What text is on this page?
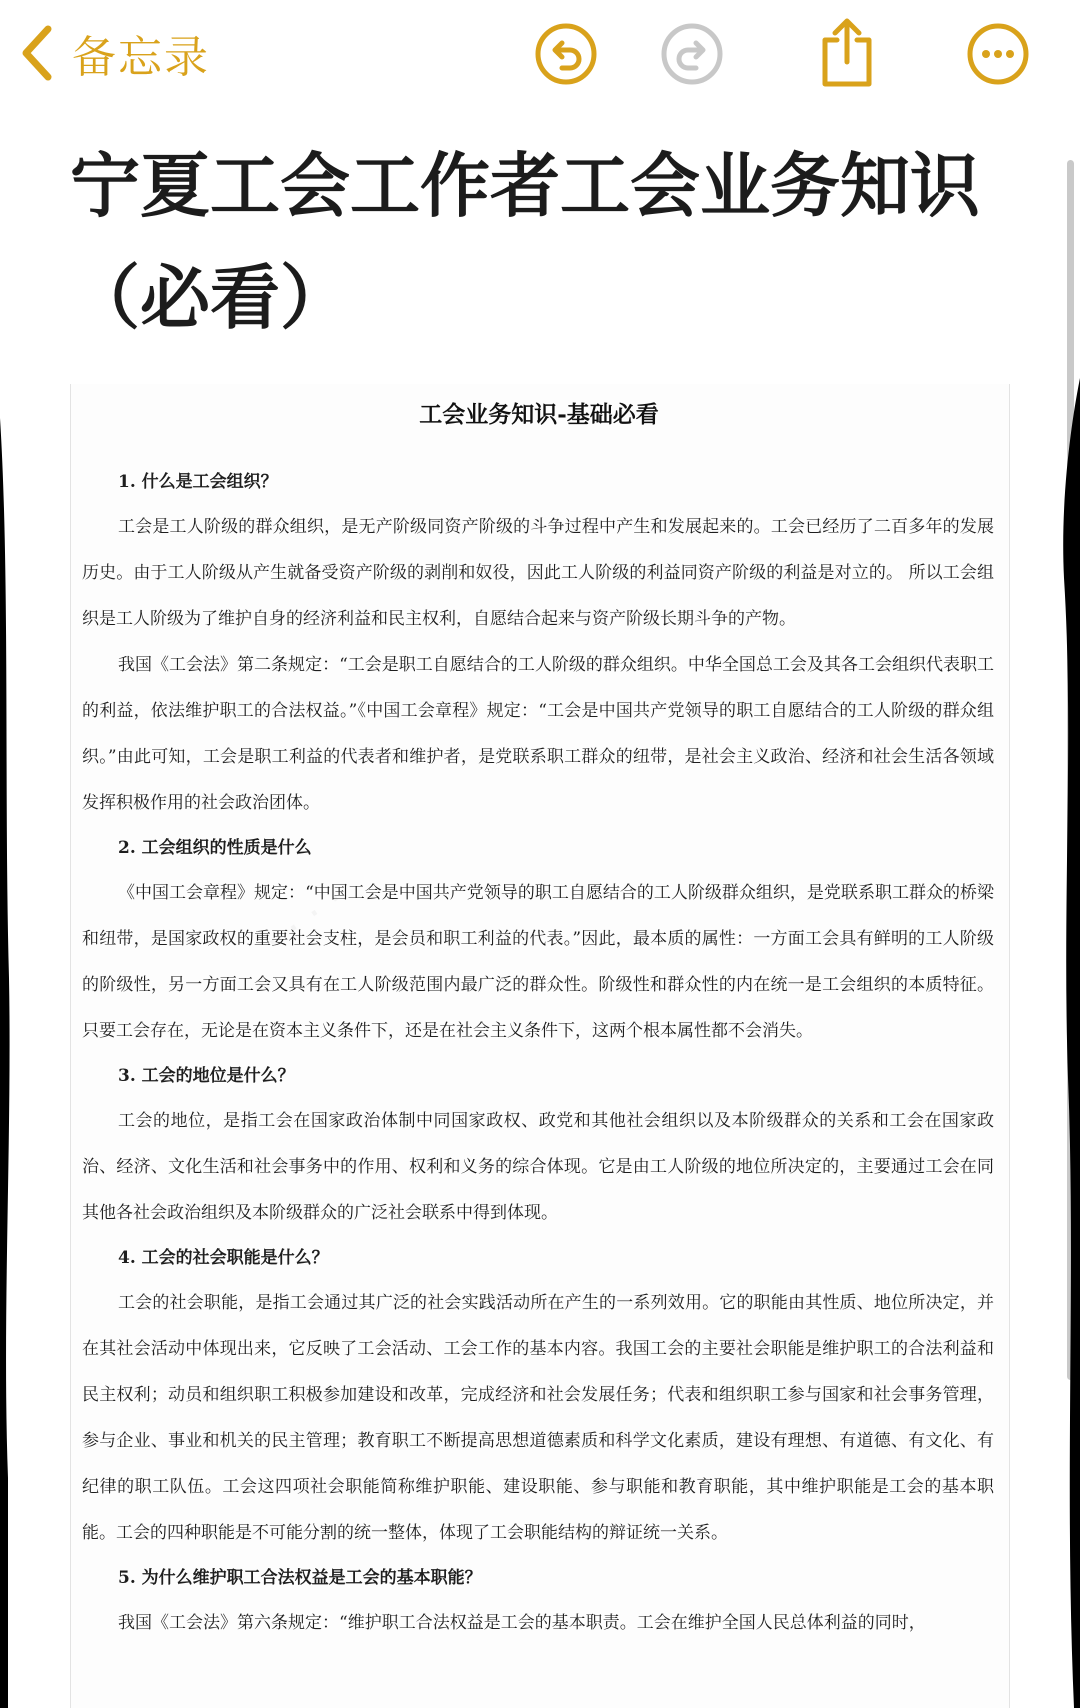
备忘录
宁夏工会工作者工会业务知识（必看）
工会业务知识-基础必看

1. 什么是工会组织？

工会是工人阶级的群众组织，是无产阶级同资产阶级的斗争过程中产生和发展起来的。工会已经历了二百多年的发展历史。由于工人阶级从产生就备受资产阶级的剥削和奴役，因此工人阶级的利益同资产阶级的利益是对立的。 所以工会组织是工人阶级为了维护自身的经济利益和民主权利，自愿结合起来与资产阶级长期斗争的产物。

我国《工会法》第二条规定：“工会是职工自愿结合的工人阶级的群众组织。中华全国总工会及其各工会组织代表职工的利益，依法维护职工的合法权益。”《中国工会章程》规定：“工会是中国共产党领导的职工自愿结合的工人阶级的群众组织。”由此可知，工会是职工利益的代表者和维护者，是党联系职工群众的纽带，是社会主义政治、经济和社会生活各领域发挥积极作用的社会政治团体。

2. 工会组织的性质是什么

《中国工会章程》规定：“中国工会是中国共产党领导的职工自愿结合的工人阶级群众组织，是党联系职工群众的桥梁和纽带，是国家政权的重要社会支柱，是会员和职工利益的代表。”因此，最本质的属性：一方面工会具有鲜明的工人阶级的阶级性，另一方面工会又具有在工人阶级范围内最广泛的群众性。阶级性和群众性的内在统一是工会组织的本质特征。只要工会存在，无论是在资本主义条件下，还是在社会主义条件下，这两个根本属性都不会消失。

3. 工会的地位是什么？

工会的地位，是指工会在国家政治体制中同国家政权、政党和其他社会组织以及本阶级群众的关系和工会在国家政治、经济、文化生活和社会事务中的作用、权利和义务的综合体现。它是由工人阶级的地位所决定的，主要通过工会在同其他各社会政治组织及本阶级群众的广泛社会联系中得到体现。

4. 工会的社会职能是什么？

工会的社会职能，是指工会通过其广泛的社会实践活动所在产生的一系列效用。它的职能由其性质、地位所决定，并在其社会活动中体现出来，它反映了工会活动、工会工作的基本内容。我国工会的主要社会职能是维护职工的合法利益和民主权利；动员和组织职工积极参加建设和改革，完成经济和社会发展任务；代表和组织职工参与国家和社会事务管理，参与企业、事业和机关的民主管理；教育职工不断提高思想道德素质和科学文化素质，建设有理想、有道德、有文化、有纪律的职工队伍。工会这四项社会职能简称维护职能、建设职能、参与职能和教育职能，其中维护职能是工会的基本职能。工会的四种职能是不可能分割的统一整体，体现了工会职能结构的辩证统一关系。

5. 为什么维护职工合法权益是工会的基本职能？

我国《工会法》第六条规定：“维护职工合法权益是工会的基本职责。工会在维护全国人民总体利益的同时，
